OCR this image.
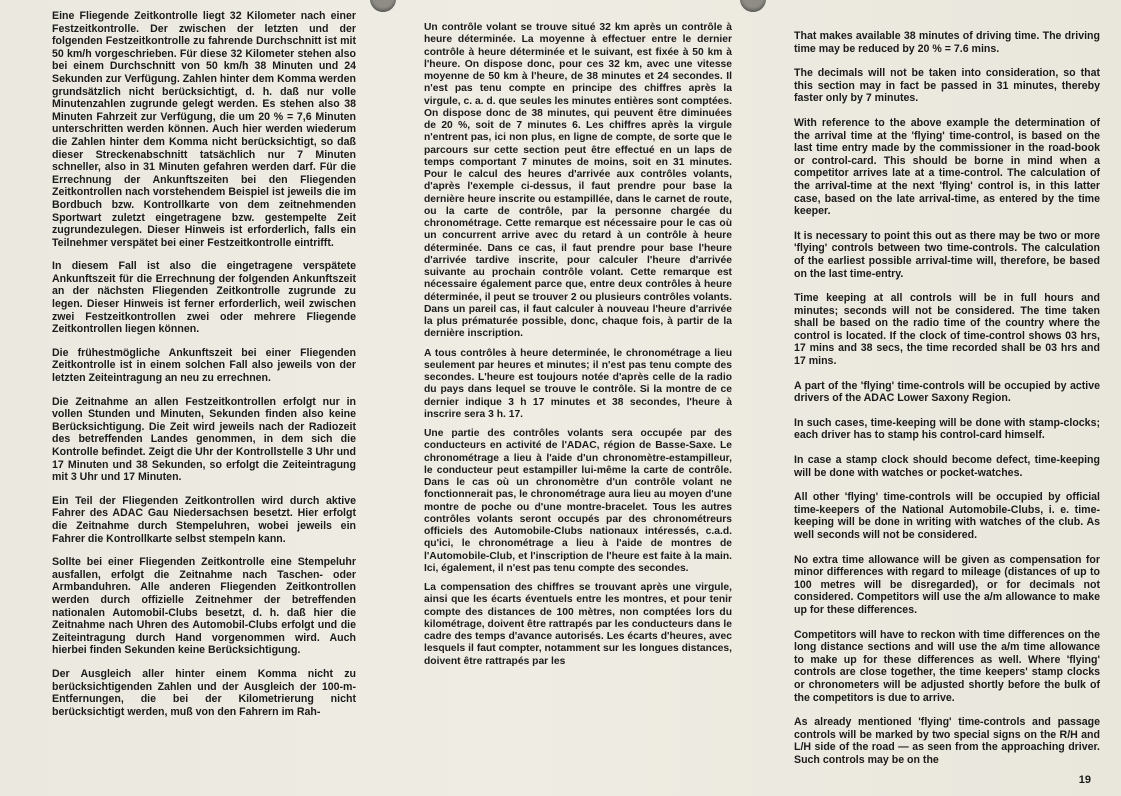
Eine Fliegende Zeitkontrolle liegt 32 Kilometer nach einer Festzeitkontrolle. Der zwischen der letzten und der folgenden Festzeitkontrolle zu fahrende Durchschnitt ist mit 50 km/h vorgeschrieben. Für diese 32 Kilometer stehen also bei einem Durchschnitt von 50 km/h 38 Minuten und 24 Sekunden zur Verfügung. Zahlen hinter dem Komma werden grundsätzlich nicht berücksichtigt, d. h. daß nur volle Minutenzahlen zugrunde gelegt werden. Es stehen also 38 Minuten Fahrzeit zur Verfügung, die um 20 % = 7,6 Minuten unterschritten werden können. Auch hier werden wiederum die Zahlen hinter dem Komma nicht berücksichtigt, so daß dieser Streckenabschnitt tatsächlich nur 7 Minuten schneller, also in 31 Minuten gefahren werden darf. Für die Errechnung der Ankunftszeiten bei den Fliegenden Zeitkontrollen nach vorstehendem Beispiel ist jeweils die im Bordbuch bzw. Kontrollkarte von dem zeitnehmenden Sportwart zuletzt eingetragene bzw. gestempelte Zeit zugrundezulegen. Dieser Hinweis ist erforderlich, falls ein Teilnehmer verspätet bei einer Festzeitkontrolle eintrifft.

In diesem Fall ist also die eingetragene verspätete Ankunftszeit für die Errechnung der folgenden Ankunftszeit an der nächsten Fliegenden Zeitkontrolle zugrunde zu legen. Dieser Hinweis ist ferner erforderlich, weil zwischen zwei Festzeitkontrollen zwei oder mehrere Fliegende Zeitkontrollen liegen können.

Die frühestmögliche Ankunftszeit bei einer Fliegenden Zeitkontrolle ist in einem solchen Fall also jeweils von der letzten Zeiteintragung an neu zu errechnen.

Die Zeitnahme an allen Festzeitkontrollen erfolgt nur in vollen Stunden und Minuten, Sekunden finden also keine Berücksichtigung. Die Zeit wird jeweils nach der Radiozeit des betreffenden Landes genommen, in dem sich die Kontrolle befindet. Zeigt die Uhr der Kontrollstelle 3 Uhr und 17 Minuten und 38 Sekunden, so erfolgt die Zeiteintragung mit 3 Uhr und 17 Minuten.

Ein Teil der Fliegenden Zeitkontrollen wird durch aktive Fahrer des ADAC Gau Niedersachsen besetzt. Hier erfolgt die Zeitnahme durch Stempeluhren, wobei jeweils ein Fahrer die Kontrollkarte selbst stempeln kann.

Sollte bei einer Fliegenden Zeitkontrolle eine Stempeluhr ausfallen, erfolgt die Zeitnahme nach Taschen- oder Armbanduhren. Alle anderen Fliegenden Zeitkontrollen werden durch offizielle Zeitnehmer der betreffenden nationalen Automobil-Clubs besetzt, d. h. daß hier die Zeitnahme nach Uhren des Automobil-Clubs erfolgt und die Zeiteintragung durch Hand vorgenommen wird. Auch hierbei finden Sekunden keine Berücksichtigung.

Der Ausgleich aller hinter einem Komma nicht zu berücksichtigenden Zahlen und der Ausgleich der 100-m-Entfernungen, die bei der Kilometrierung nicht berücksichtigt werden, muß von den Fahrern im Rah-

Un contrôle volant se trouve situé 32 km après un contrôle à heure déterminée. La moyenne à effectuer entre le dernier contrôle à heure déterminée et le suivant, est fixée à 50 km à l'heure. On dispose donc, pour ces 32 km, avec une vitesse moyenne de 50 km à l'heure, de 38 minutes et 24 secondes. Il n'est pas tenu compte en principe des chiffres après la virgule, c. a. d. que seules les minutes entières sont comptées. On dispose donc de 38 minutes, qui peuvent être diminuées de 20 %, soit de 7 minutes 6. Les chiffres après la virgule n'entrent pas, ici non plus, en ligne de compte, de sorte que le parcours sur cette section peut être effectué en un laps de temps comportant 7 minutes de moins, soit en 31 minutes. Pour le calcul des heures d'arrivée aux contrôles volants, d'après l'exemple ci-dessus, il faut prendre pour base la dernière heure inscrite ou estampillée, dans le carnet de route, ou la carte de contrôle, par la personne chargée du chronométrage. Cette remarque est nécessaire pour le cas où un concurrent arrive avec du retard à un contrôle à heure déterminée. Dans ce cas, il faut prendre pour base l'heure d'arrivée tardive inscrite, pour calculer l'heure d'arrivée suivante au prochain contrôle volant. Cette remarque est nécessaire également parce que, entre deux contrôles à heure déterminée, il peut se trouver 2 ou plusieurs contrôles volants. Dans un pareil cas, il faut calculer à nouveau l'heure d'arrivée la plus prématurée possible, donc, chaque fois, à partir de la dernière inscription.

A tous contrôles à heure determinée, le chronométrage a lieu seulement par heures et minutes; il n'est pas tenu compte des secondes. L'heure est toujours notée d'après celle de la radio du pays dans lequel se trouve le contrôle. Si la montre de ce dernier indique 3 h 17 minutes et 38 secondes, l'heure à inscrire sera 3 h. 17.

Une partie des contrôles volants sera occupée par des conducteurs en activité de l'ADAC, région de Basse-Saxe. Le chronométrage a lieu à l'aide d'un chronomètre-estampilleur, le conducteur peut estampiller lui-même la carte de contrôle. Dans le cas où un chronomètre d'un contrôle volant ne fonctionnerait pas, le chronométrage aura lieu au moyen d'une montre de poche ou d'une montre-bracelet. Tous les autres contrôles volants seront occupés par des chronométreurs officiels des Automobile-Clubs nationaux intéressés, c.a.d. qu'ici, le chronométrage a lieu à l'aide de montres de l'Automobile-Club, et l'inscription de l'heure est faite à la main. Ici, également, il n'est pas tenu compte des secondes.

La compensation des chiffres se trouvant après une virgule, ainsi que les écarts éventuels entre les montres, et pour tenir compte des distances de 100 mètres, non comptées lors du kilométrage, doivent être rattrapés par les conducteurs dans le cadre des temps d'avance autorisés. Les écarts d'heures, avec lesquels il faut compter, notamment sur les longues distances, doivent être rattrapés par les

That makes available 38 minutes of driving time. The driving time may be reduced by 20 % = 7.6 mins.

The decimals will not be taken into consideration, so that this section may in fact be passed in 31 minutes, thereby faster only by 7 minutes.

With reference to the above example the determination of the arrival time at the 'flying' time-control, is based on the last time entry made by the commissioner in the road-book or control-card. This should be borne in mind when a competitor arrives late at a time-control. The calculation of the arrival-time at the next 'flying' control is, in this latter case, based on the late arrival-time, as entered by the time keeper.

It is necessary to point this out as there may be two or more 'flying' controls between two time-controls. The calculation of the earliest possible arrival-time will, therefore, be based on the last time-entry.

Time keeping at all controls will be in full hours and minutes; seconds will not be considered. The time taken shall be based on the radio time of the country where the control is located. If the clock of time-control shows 03 hrs, 17 mins and 38 secs, the time recorded shall be 03 hrs and 17 mins.

A part of the 'flying' time-controls will be occupied by active drivers of the ADAC Lower Saxony Region.

In such cases, time-keeping will be done with stamp-clocks; each driver has to stamp his control-card himself.

In case a stamp clock should become defect, time-keeping will be done with watches or pocket-watches.

All other 'flying' time-controls will be occupied by official time-keepers of the National Automobile-Clubs, i. e. time-keeping will be done in writing with watches of the club. As well seconds will not be considered.

No extra time allowance will be given as compensation for minor differences with regard to mileage (distances of up to 100 metres will be disregarded), or for decimals not considered. Competitors will use the a/m allowance to make up for these differences.

Competitors will have to reckon with time differences on the long distance sections and will use the a/m time allowance to make up for these differences as well. Where 'flying' controls are close together, the time keepers' stamp clocks or chronometers will be adjusted shortly before the bulk of the competitors is due to arrive.

As already mentioned 'flying' time-controls and passage controls will be marked by two special signs on the R/H and L/H side of the road — as seen from the approaching driver. Such controls may be on the

19
